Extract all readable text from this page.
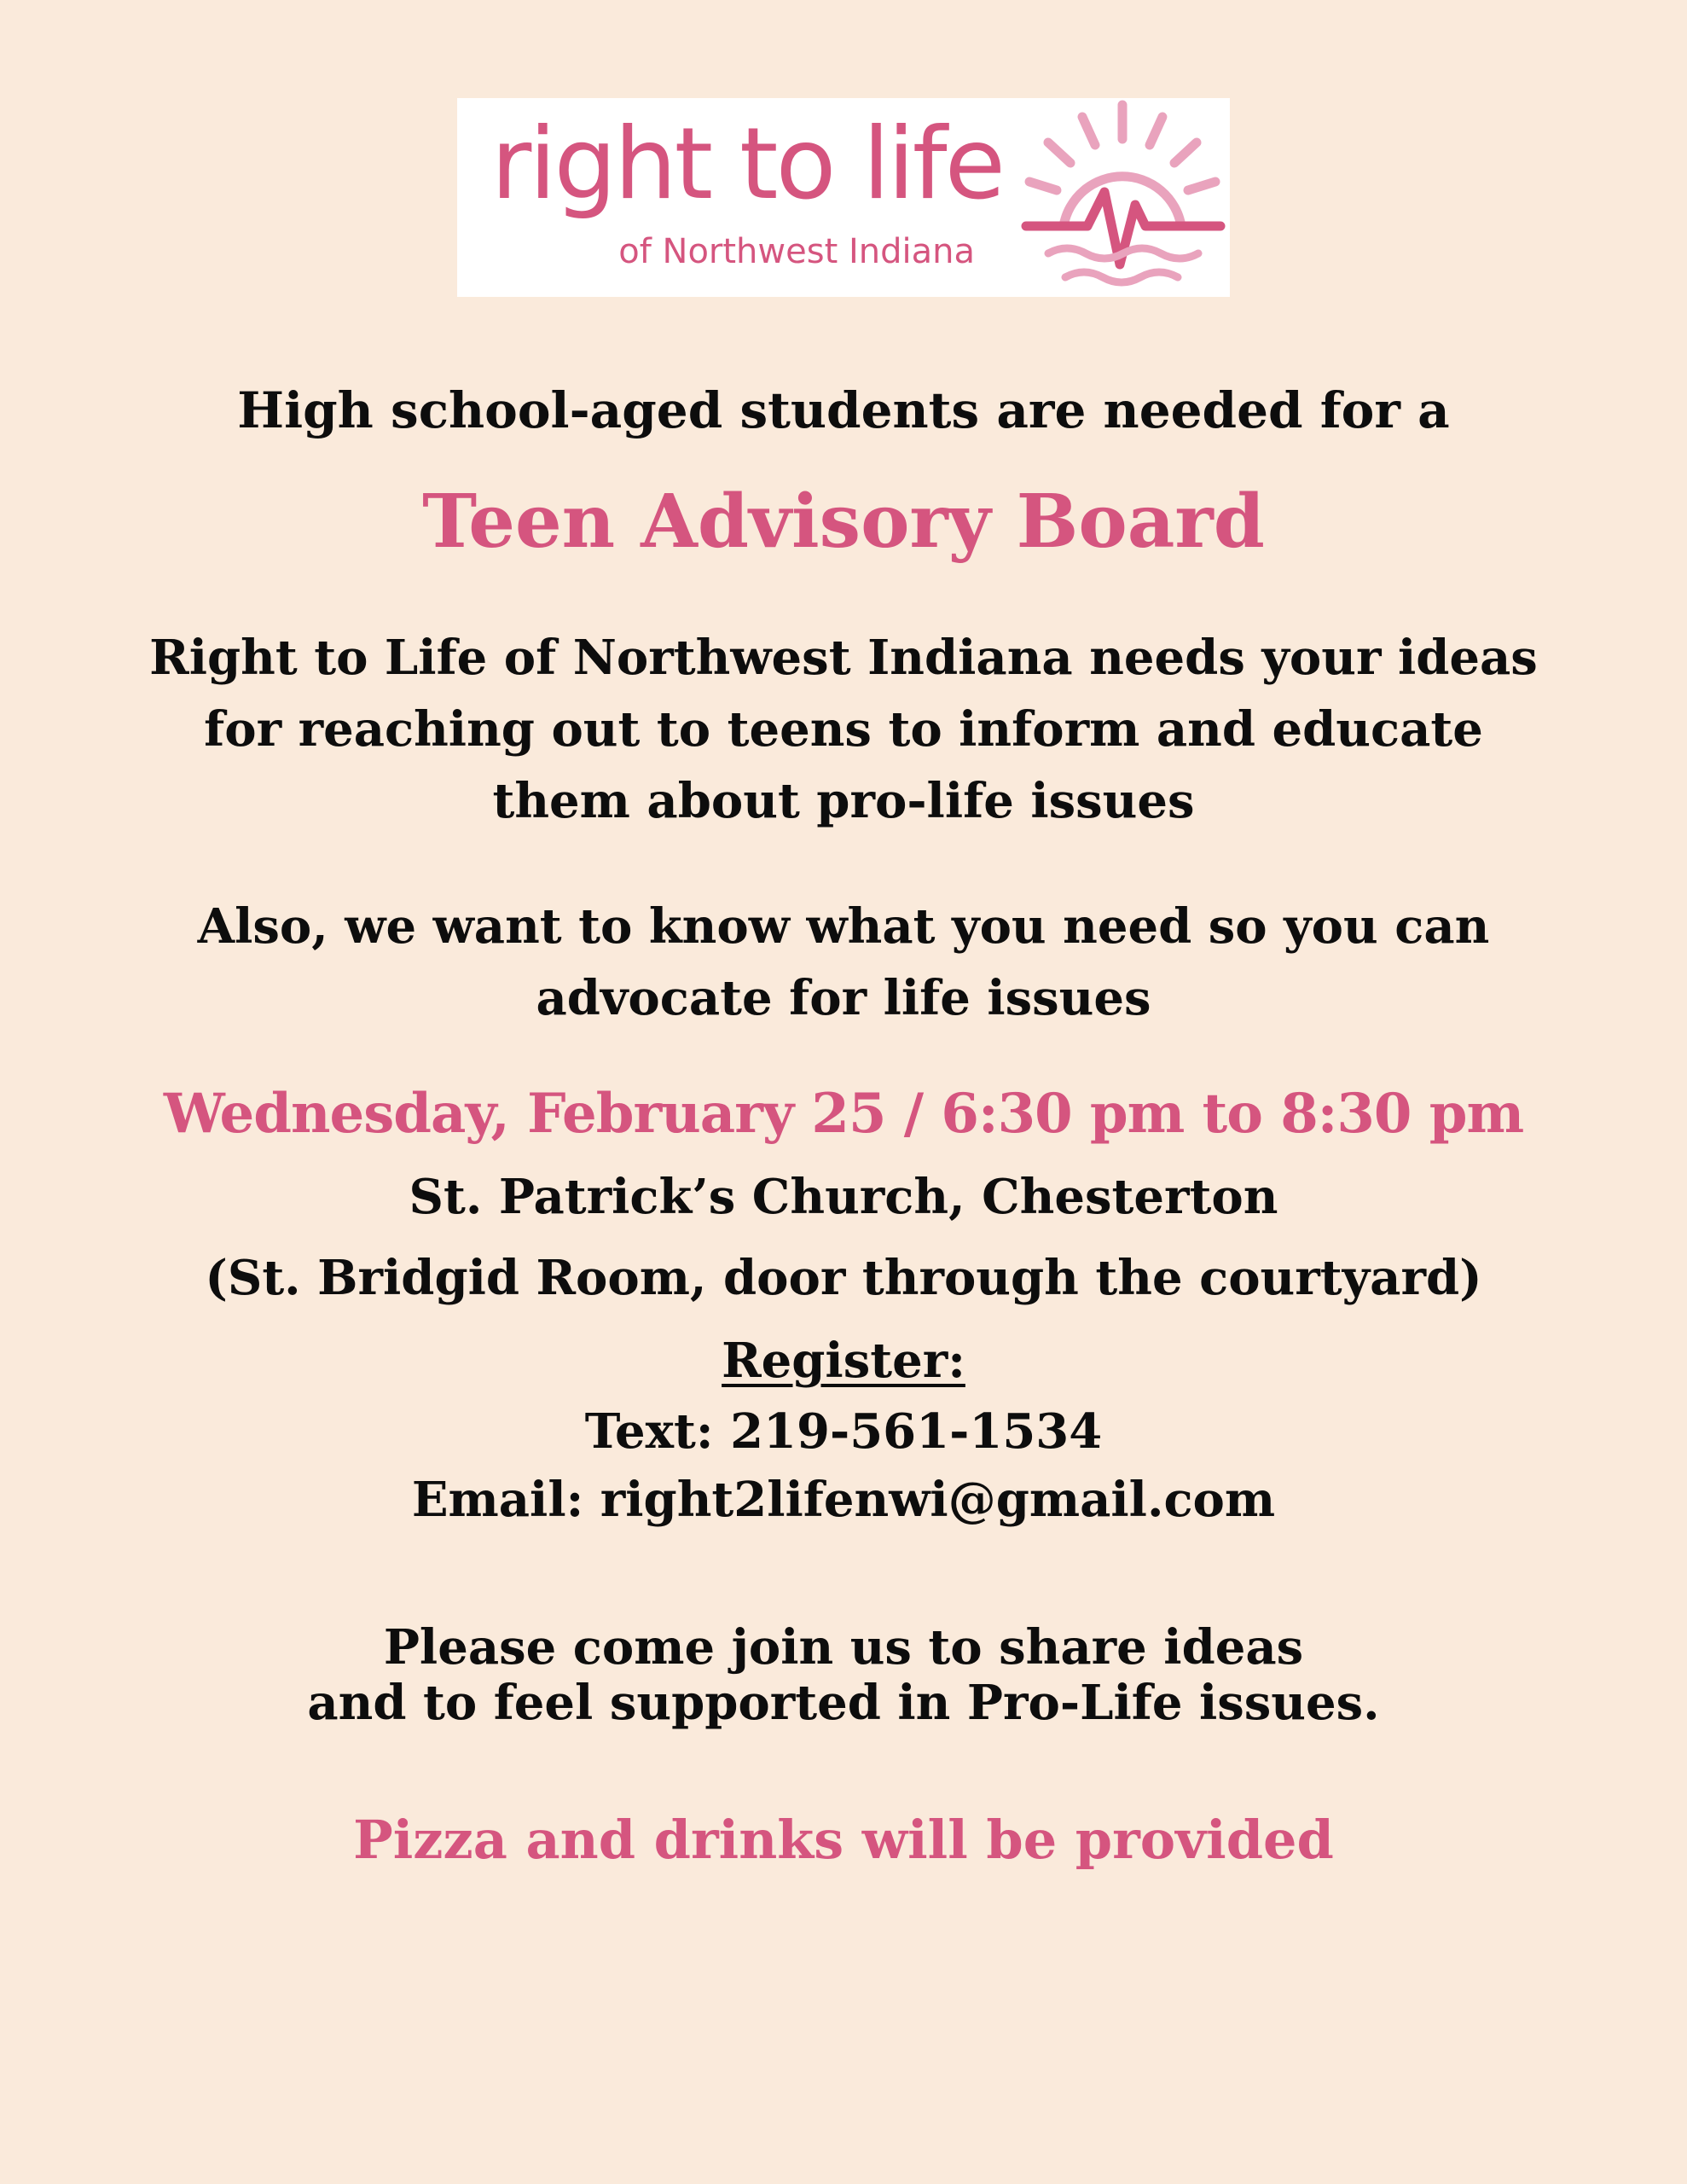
right to life
of Northwest Indiana
High school-aged students are needed for a
Teen Advisory Board
Right to Life of Northwest Indiana needs your ideas
for reaching out to teens to inform and educate
them about pro-life issues
Also, we want to know what you need so you can
advocate for life issues
Wednesday, February 25 / 6:30 pm to 8:30 pm
St. Patrick’s Church, Chesterton
(St. Bridgid Room, door through the courtyard)
Register:
Text: 219-561-1534
Email: right2lifenwi@gmail.com
Please come join us to share ideas
and to feel supported in Pro-Life issues.
Pizza and drinks will be provided
